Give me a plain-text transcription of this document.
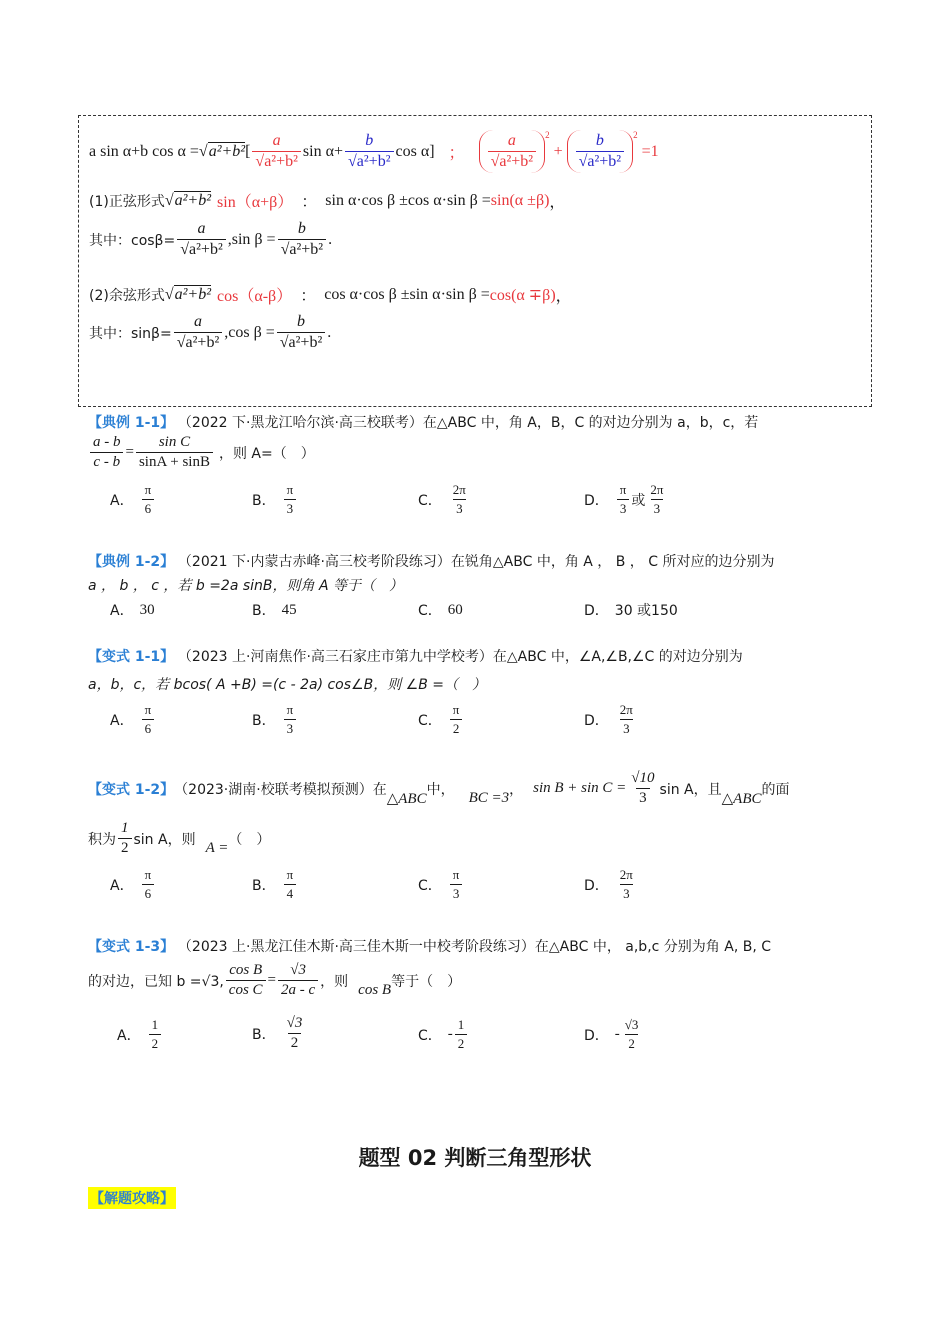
a sin α+b cos α = √ a²+b² [ $\frac{a}{\text{√a²+b²}}$ $\sin \alpha+ \frac{b}{\text{√a²+b²}}$ cos α] ； $\frac{a}{\text{√a²+b²}} ^2$
+ $\frac{b}{\text{√a²+b²}} ^2$
=1
(1)正弦形式 √ a²+b² sin（α+β） ： sin α·cos β ±cos α·sin β = sin(α ±β) ，
其中：$\cos\beta= \frac{a}{\text{√a²+b²}} ,\sin$ $\beta = \frac{b}{\text{√a²+b²}}$ .
(2)余弦形式 √ a²+b² cos（α-β） ： cos α·cos β ±sin α·sin β = cos(α ∓β) ，
其中：$\sin\beta= \frac{a}{\text{√a²+b²}} ,\cos$ $\beta = \frac{b}{\text{√a²+b²}}$ .
【典例 1-1】 （2022 下·黑龙江哈尔滨·高三校联考）在△ABC 中，角 A，B，C 的对边分别为 a，b，c，若
$\frac{a - b}{c - b} = \frac{\text{sin C}}{\sin A + \sin B}$ ，则 A=（　）
A． $\frac{\pi}{6}$	B． $\frac{\pi}{3}$	C． $\frac{2\pi}{3}$	D． $\frac{\pi}{3}$ 或 $\frac{2\pi}{3}$
【典例 1-2】 （2021 下·内蒙古赤峰·高三校考阶段练习）在锐角△ABC 中，角 A ， B ， C 所对应的边分别为
a ， b ， c ，若 b =2a sinB，则角 A 等于（　）
A． 30	B． 45	C． 60	D． 30 或150
【变式 1-1】 （2023 上·河南焦作·高三石家庄市第九中学校考）在△ABC 中，∠A,∠B,∠C 的对边分别为
a，b，c，若 bcos( A +B) =(c - 2a) cos∠B，则 ∠B =（　）
A． $\frac{\pi}{6}$	B． $\frac{\pi}{3}$	C． $\frac{\pi}{2}$	D． $\frac{2\pi}{3}$
【变式 1-2】 （2023·湖南·校联考模拟预测）在
△ABC
中，
BC =3
， $\sin B + \sin C = \frac{√10}{3}$ sin A，且
△ABC
的面
积为 $\frac{1}{2}$ sin A，则
A =
（　）
A． $\frac{\pi}{6}$	B． $\frac{\pi}{4}$	C． $\frac{\pi}{3}$	D． $\frac{2\pi}{3}$
【变式 1-3】 （2023 上·黑龙江佳木斯·高三佳木斯一中校考阶段练习）在△ABC 中， a,b,c 分别为角 A, B, C
的对边，已知 b =√3, $\frac{\text{cos B}}{\text{cos C}} = \frac{√3}{2a - c}$ ，则
cos B
等于（　）
A． $\frac{1}{2}$	B． $\frac{√3}{2}$	C． - $\frac{1}{2}$	D． - $\frac{√3}{2}$
题型 02 判断三角型形状
【解题攻略】
